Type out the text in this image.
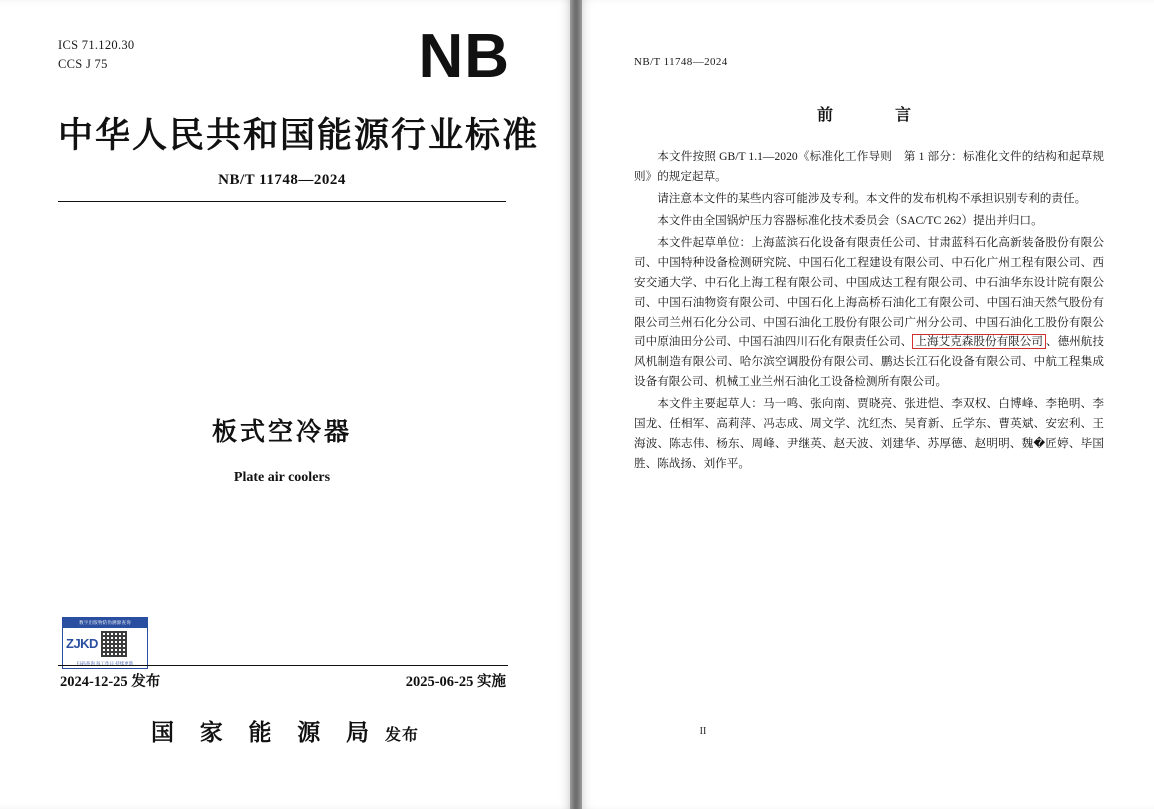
NB
ICS 71.120.30
CCS J 75
中华人民共和国能源行业标准
NB/T 11748—2024
板式空冷器
Plate air coolers
数字出版物防伪溯源查询
ZJKD
扫码查询 每工作日 持续更新
2024-12-25 发布	2025-06-25 实施
国 家 能 源 局 发布
NB/T 11748—2024
前　　言

本文件按照 GB/T 1.1—2020《标准化工作导则　第 1 部分：标准化文件的结构和起草规则》的规定起草。

请注意本文件的某些内容可能涉及专利。本文件的发布机构不承担识别专利的责任。

本文件由全国锅炉压力容器标准化技术委员会（SAC/TC 262）提出并归口。

本文件起草单位：上海蓝滨石化设备有限责任公司、甘肃蓝科石化高新装备股份有限公司、中国特种设备检测研究院、中国石化工程建设有限公司、中石化广州工程有限公司、西安交通大学、中石化上海工程有限公司、中国成达工程有限公司、中石油华东设计院有限公司、中国石油物资有限公司、中国石化上海高桥石油化工有限公司、中国石油天然气股份有限公司兰州石化分公司、中国石油化工股份有限公司广州分公司、中国石油化工股份有限公司中原油田分公司、中国石油四川石化有限责任公司、 上海艾克森股份有限公司 、德州航技风机制造有限公司、哈尔滨空调股份有限公司、鹏达长江石化设备有限公司、中航工程集成设备有限公司、机械工业兰州石油化工设备检测所有限公司。

本文件主要起草人：马一鸣、张向南、贾晓亮、张进恺、李双权、白博峰、李艳明、李国龙、任相军、高莉萍、冯志成、周文学、沈红杰、吴育新、丘学东、曹英斌、安宏利、王海波、陈志伟、杨东、周峰、尹继英、赵天波、刘建华、苏厚德、赵明明、魏�匠婷、毕国胜、陈战扬、刘作平。

II
